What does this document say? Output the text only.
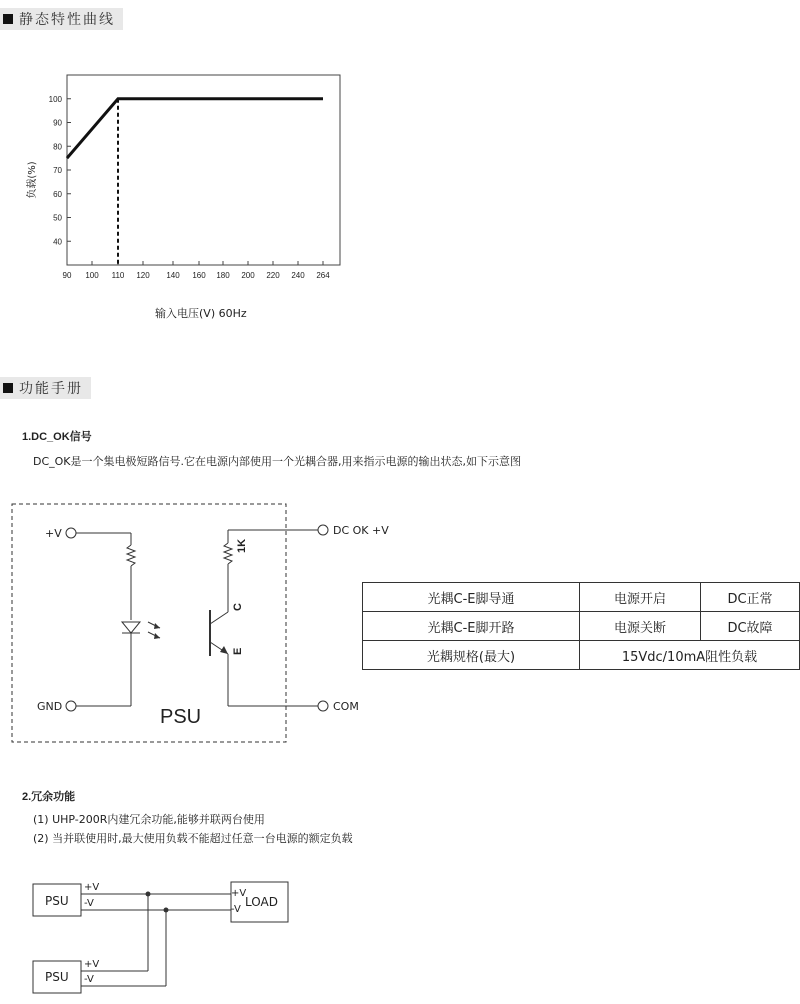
静态特性曲线
40
50
60
70
80
90
100
90 100 110 120 140 160 180 200 220 240 264
负载(%)
输入电压(V) 60Hz
功能手册
1.DC_OK信号
DC_OK是一个集电极短路信号.它在电源内部使用一个光耦合器,用来指示电源的输出状态,如下示意图
+V
GND	PSU
DC OK +V
COM
1K
C
E
光耦C-E脚导通	电源开启	DC正常
光耦C-E脚开路	电源关断	DC故障
光耦规格(最大)	15Vdc/10mA阻性负载	
2.冗余功能
(1) UHP-200R内建冗余功能,能够并联两台使用
(2) 当并联使用时,最大使用负载不能超过任意一台电源的额定负载
PSU
PSU
+V
-V
+V
-V
+V
-V
LOAD
